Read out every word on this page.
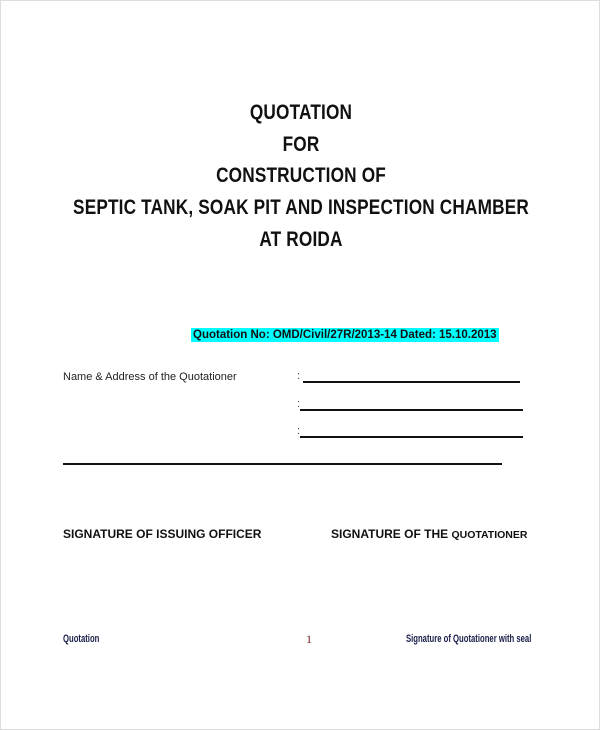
QUOTATION
FOR
CONSTRUCTION OF
SEPTIC TANK, SOAK PIT AND INSPECTION CHAMBER
AT ROIDA
Quotation No: OMD/Civil/27R/2013-14 Dated: 15.10.2013
Name & Address of the Quotationer	:
:
:
SIGNATURE OF ISSUING OFFICER	SIGNATURE OF THE QUOTATIONER
Quotation	1	Signature of Quotationer with seal
